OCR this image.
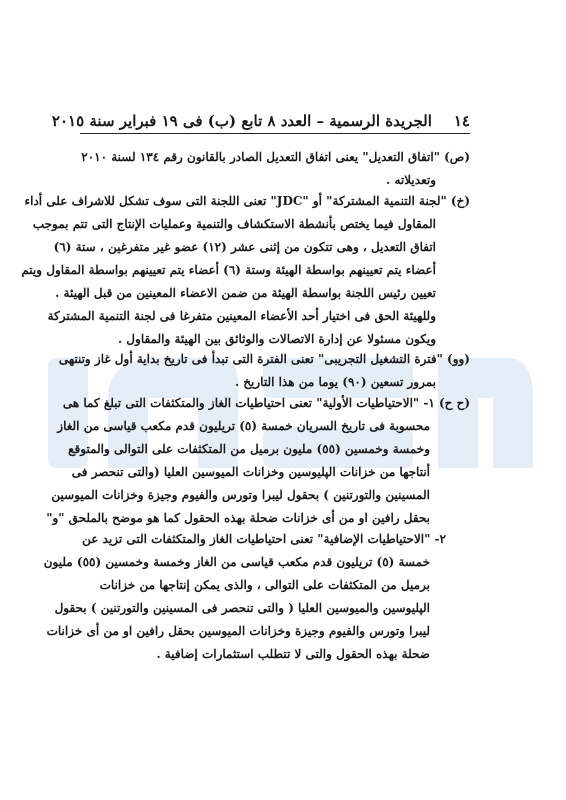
١٤
الجريدة الرسمية – العدد ٨ تابع (ب) فى ١٩ فبراير سنة ٢٠١٥
(ص) "اتفاق التعديل" يعنى اتفاق التعديل الصادر بالقانون رقم ١٣٤ لسنة ٢٠١٠
وتعديلاته .
(خ) "لجنة التنمية المشتركة" أو "JDC" تعنى اللجنة التى سوف تشكل للاشراف على أداء
المقاول فيما يختص بأنشطة الاستكشاف والتنمية وعمليات الإنتاج التى تتم بموجب
اتفاق التعديل ، وهى تتكون من إثنى عشر (١٢) عضو غير متفرغين ، ستة (٦)
أعضاء يتم تعيينهم بواسطة الهيئة وستة (٦) أعضاء يتم تعيينهم بواسطة المقاول ويتم
تعيين رئيس اللجنة بواسطة الهيئة من ضمن الاعضاء المعينين من قبل الهيئة .
وللهيئة الحق فى اختيار أحد الأعضاء المعينين متفرغا فى لجنة التنمية المشتركة
ويكون مسئولا عن إدارة الاتصالات والوثائق بين الهيئة والمقاول .
(وو) "فترة التشغيل التجريبى" تعنى الفترة التى تبدأ فى تاريخ بداية أول غاز وتنتهى
بمرور تسعين (٩٠) يوما من هذا التاريخ .
(ح ح) ١- "الاحتياطيات الأولية" تعنى احتياطيات الغاز والمتكثفات التى تبلغ كما هى
محسوبة فى تاريخ السريان خمسة (٥) تريليون قدم مكعب قياسى من الغاز
وخمسة وخمسين (٥٥) مليون برميل من المتكثفات على التوالى والمتوقع
أنتاجها من خزانات الپليوسين وخزانات الميوسين العليا (والتى تنحصر فى
المسينين والتورتنين ) بحقول ليبرا وتورس والفيوم وجيزة وخزانات الميوسين
بحقل رافين او من أى خزانات ضحلة بهذه الحقول كما هو موضح بالملحق "و"
٢- "الاحتياطيات الإضافية" تعنى احتياطيات الغاز والمتكثفات التى تزيد عن
خمسة (٥) تريليون قدم مكعب قياسى من الغاز وخمسة وخمسين (٥٥) مليون
برميل من المتكثفات على التوالى ، والذى يمكن إنتاجها من خزانات
الپليوسين والميوسين العليا ( والتى تنحصر فى المسينين والتورتنين ) بحقول
ليبرا وتورس والفيوم وجيزة وخزانات الميوسين بحقل رافين او من أى خزانات
ضحلة بهذه الحقول والتى لا تتطلب استثمارات إضافية .
